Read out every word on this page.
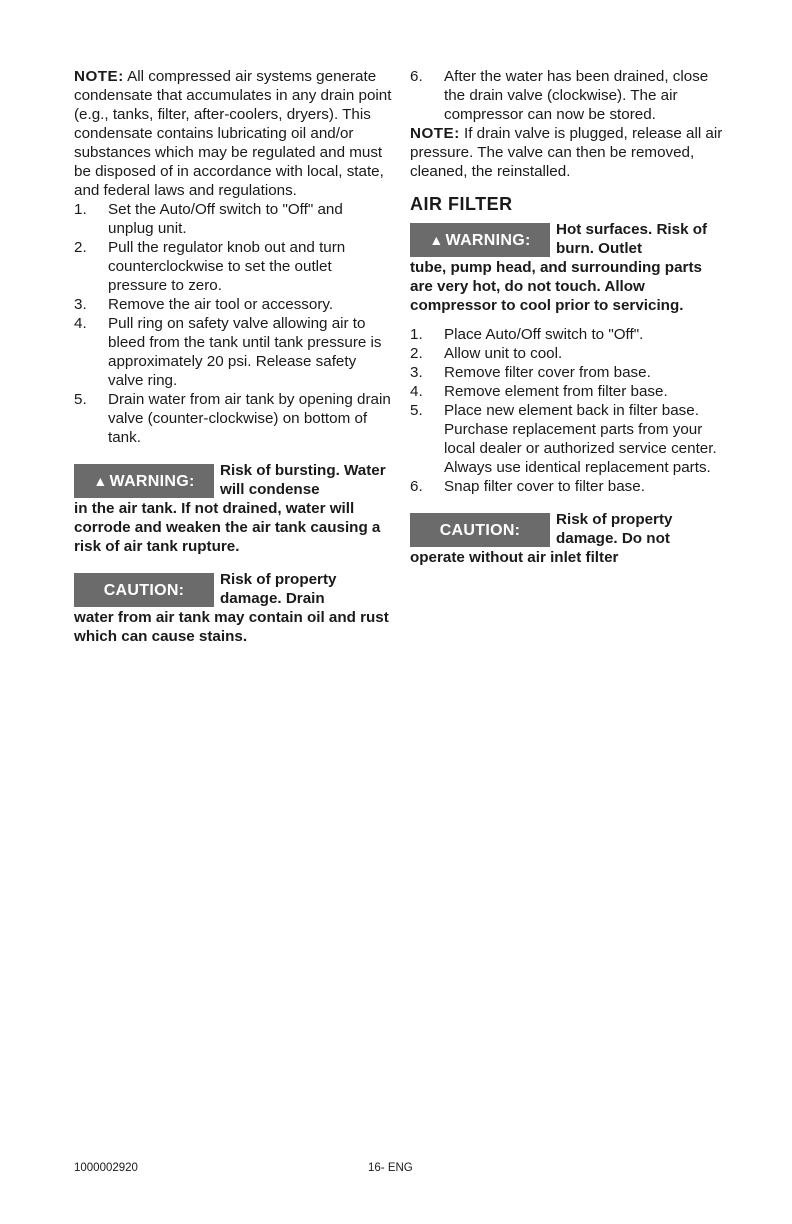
NOTE: All compressed air systems generate condensate that accumulates in any drain point (e.g., tanks, filter, after-coolers, dryers). This condensate contains lubricating oil and/or substances which may be regulated and must be disposed of in accordance with local, state, and federal laws and regulations.

1. Set the Auto/Off switch to "Off" and unplug unit.
2. Pull the regulator knob out and turn counterclockwise to set the outlet pressure to zero.
3. Remove the air tool or accessory.
4. Pull ring on safety valve allowing air to bleed from the tank until tank pressure is approximately 20 psi. Release safety valve ring.
5. Drain water from air tank by opening drain valve (counter-clockwise) on bottom of tank.
▲ WARNING:
Risk of bursting. Water will condense
in the air tank. If not drained, water will corrode and weaken the air tank causing a risk of air tank rupture.
CAUTION:
Risk of property damage. Drain
water from air tank may contain oil and rust which can cause stains.
6. After the water has been drained, close the drain valve (clockwise). The air compressor can now be stored.

NOTE: If drain valve is plugged, release all air pressure. The valve can then be removed, cleaned, the reinstalled.

AIR FILTER
▲ WARNING:
Hot surfaces. Risk of burn. Outlet
tube, pump head, and surrounding parts are very hot, do not touch. Allow compressor to cool prior to servicing.
1. Place Auto/Off switch to "Off".
2. Allow unit to cool.
3. Remove filter cover from base.
4. Remove element from filter base.
5. Place new element back in filter base. Purchase replacement parts from your local dealer or authorized service center. Always use identical replacement parts.
6. Snap filter cover to filter base.
CAUTION:
Risk of property damage. Do not
operate without air inlet filter
1000002920	16- ENG
